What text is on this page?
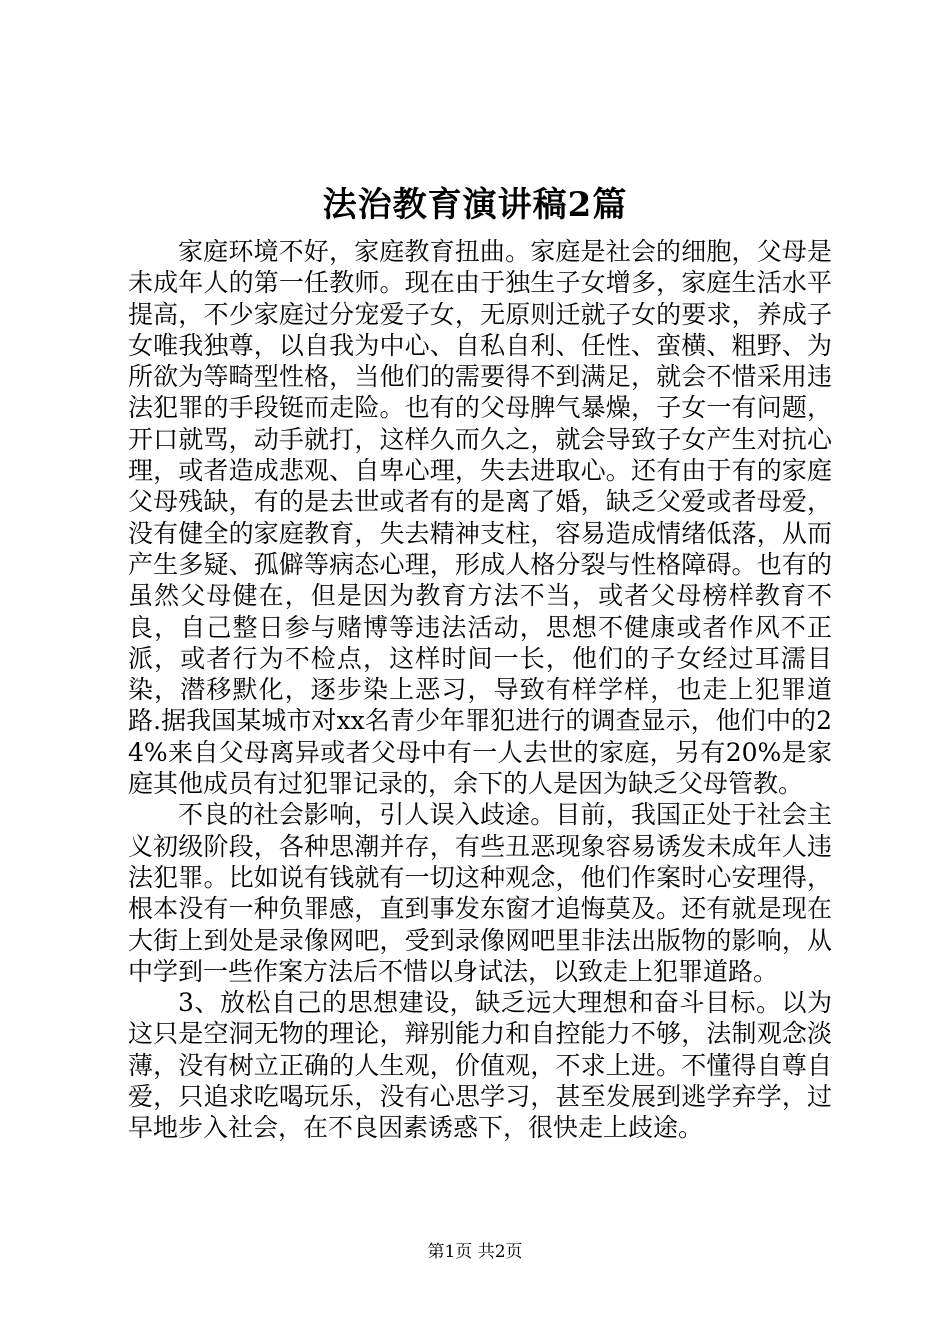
法治教育演讲稿2篇

家庭环境不好，家庭教育扭曲。家庭是社会的细胞，父母是未成年人的第一任教师。现在由于独生子女增多，家庭生活水平提高，不少家庭过分宠爱子女，无原则迁就子女的要求，养成子女唯我独尊，以自我为中心、自私自利、任性、蛮横、粗野、为所欲为等畸型性格，当他们的需要得不到满足，就会不惜采用违法犯罪的手段铤而走险。也有的父母脾气暴燥，子女一有问题，开口就骂，动手就打，这样久而久之，就会导致子女产生对抗心理，或者造成悲观、自卑心理，失去进取心。还有由于有的家庭父母残缺，有的是去世或者有的是离了婚，缺乏父爱或者母爱，没有健全的家庭教育，失去精神支柱，容易造成情绪低落，从而产生多疑、孤僻等病态心理，形成人格分裂与性格障碍。也有的虽然父母健在，但是因为教育方法不当，或者父母榜样教育不良，自己整日参与赌博等违法活动，思想不健康或者作风不正派，或者行为不检点，这样时间一长，他们的子女经过耳濡目染，潜移默化，逐步染上恶习，导致有样学样，也走上犯罪道路.据我国某城市对xx名青少年罪犯进行的调查显示，他们中的24%来自父母离异或者父母中有一人去世的家庭，另有20%是家庭其他成员有过犯罪记录的，余下的人是因为缺乏父母管教。

不良的社会影响，引人误入歧途。目前，我国正处于社会主义初级阶段，各种思潮并存，有些丑恶现象容易诱发未成年人违法犯罪。比如说有钱就有一切这种观念，他们作案时心安理得，根本没有一种负罪感，直到事发东窗才追悔莫及。还有就是现在大街上到处是录像网吧，受到录像网吧里非法出版物的影响，从中学到一些作案方法后不惜以身试法，以致走上犯罪道路。

3、放松自己的思想建设，缺乏远大理想和奋斗目标。以为这只是空洞无物的理论，辩别能力和自控能力不够，法制观念淡薄，没有树立正确的人生观，价值观，不求上进。不懂得自尊自爱，只追求吃喝玩乐，没有心思学习，甚至发展到逃学弃学，过早地步入社会，在不良因素诱惑下，很快走上歧途。

第1页 共2页
